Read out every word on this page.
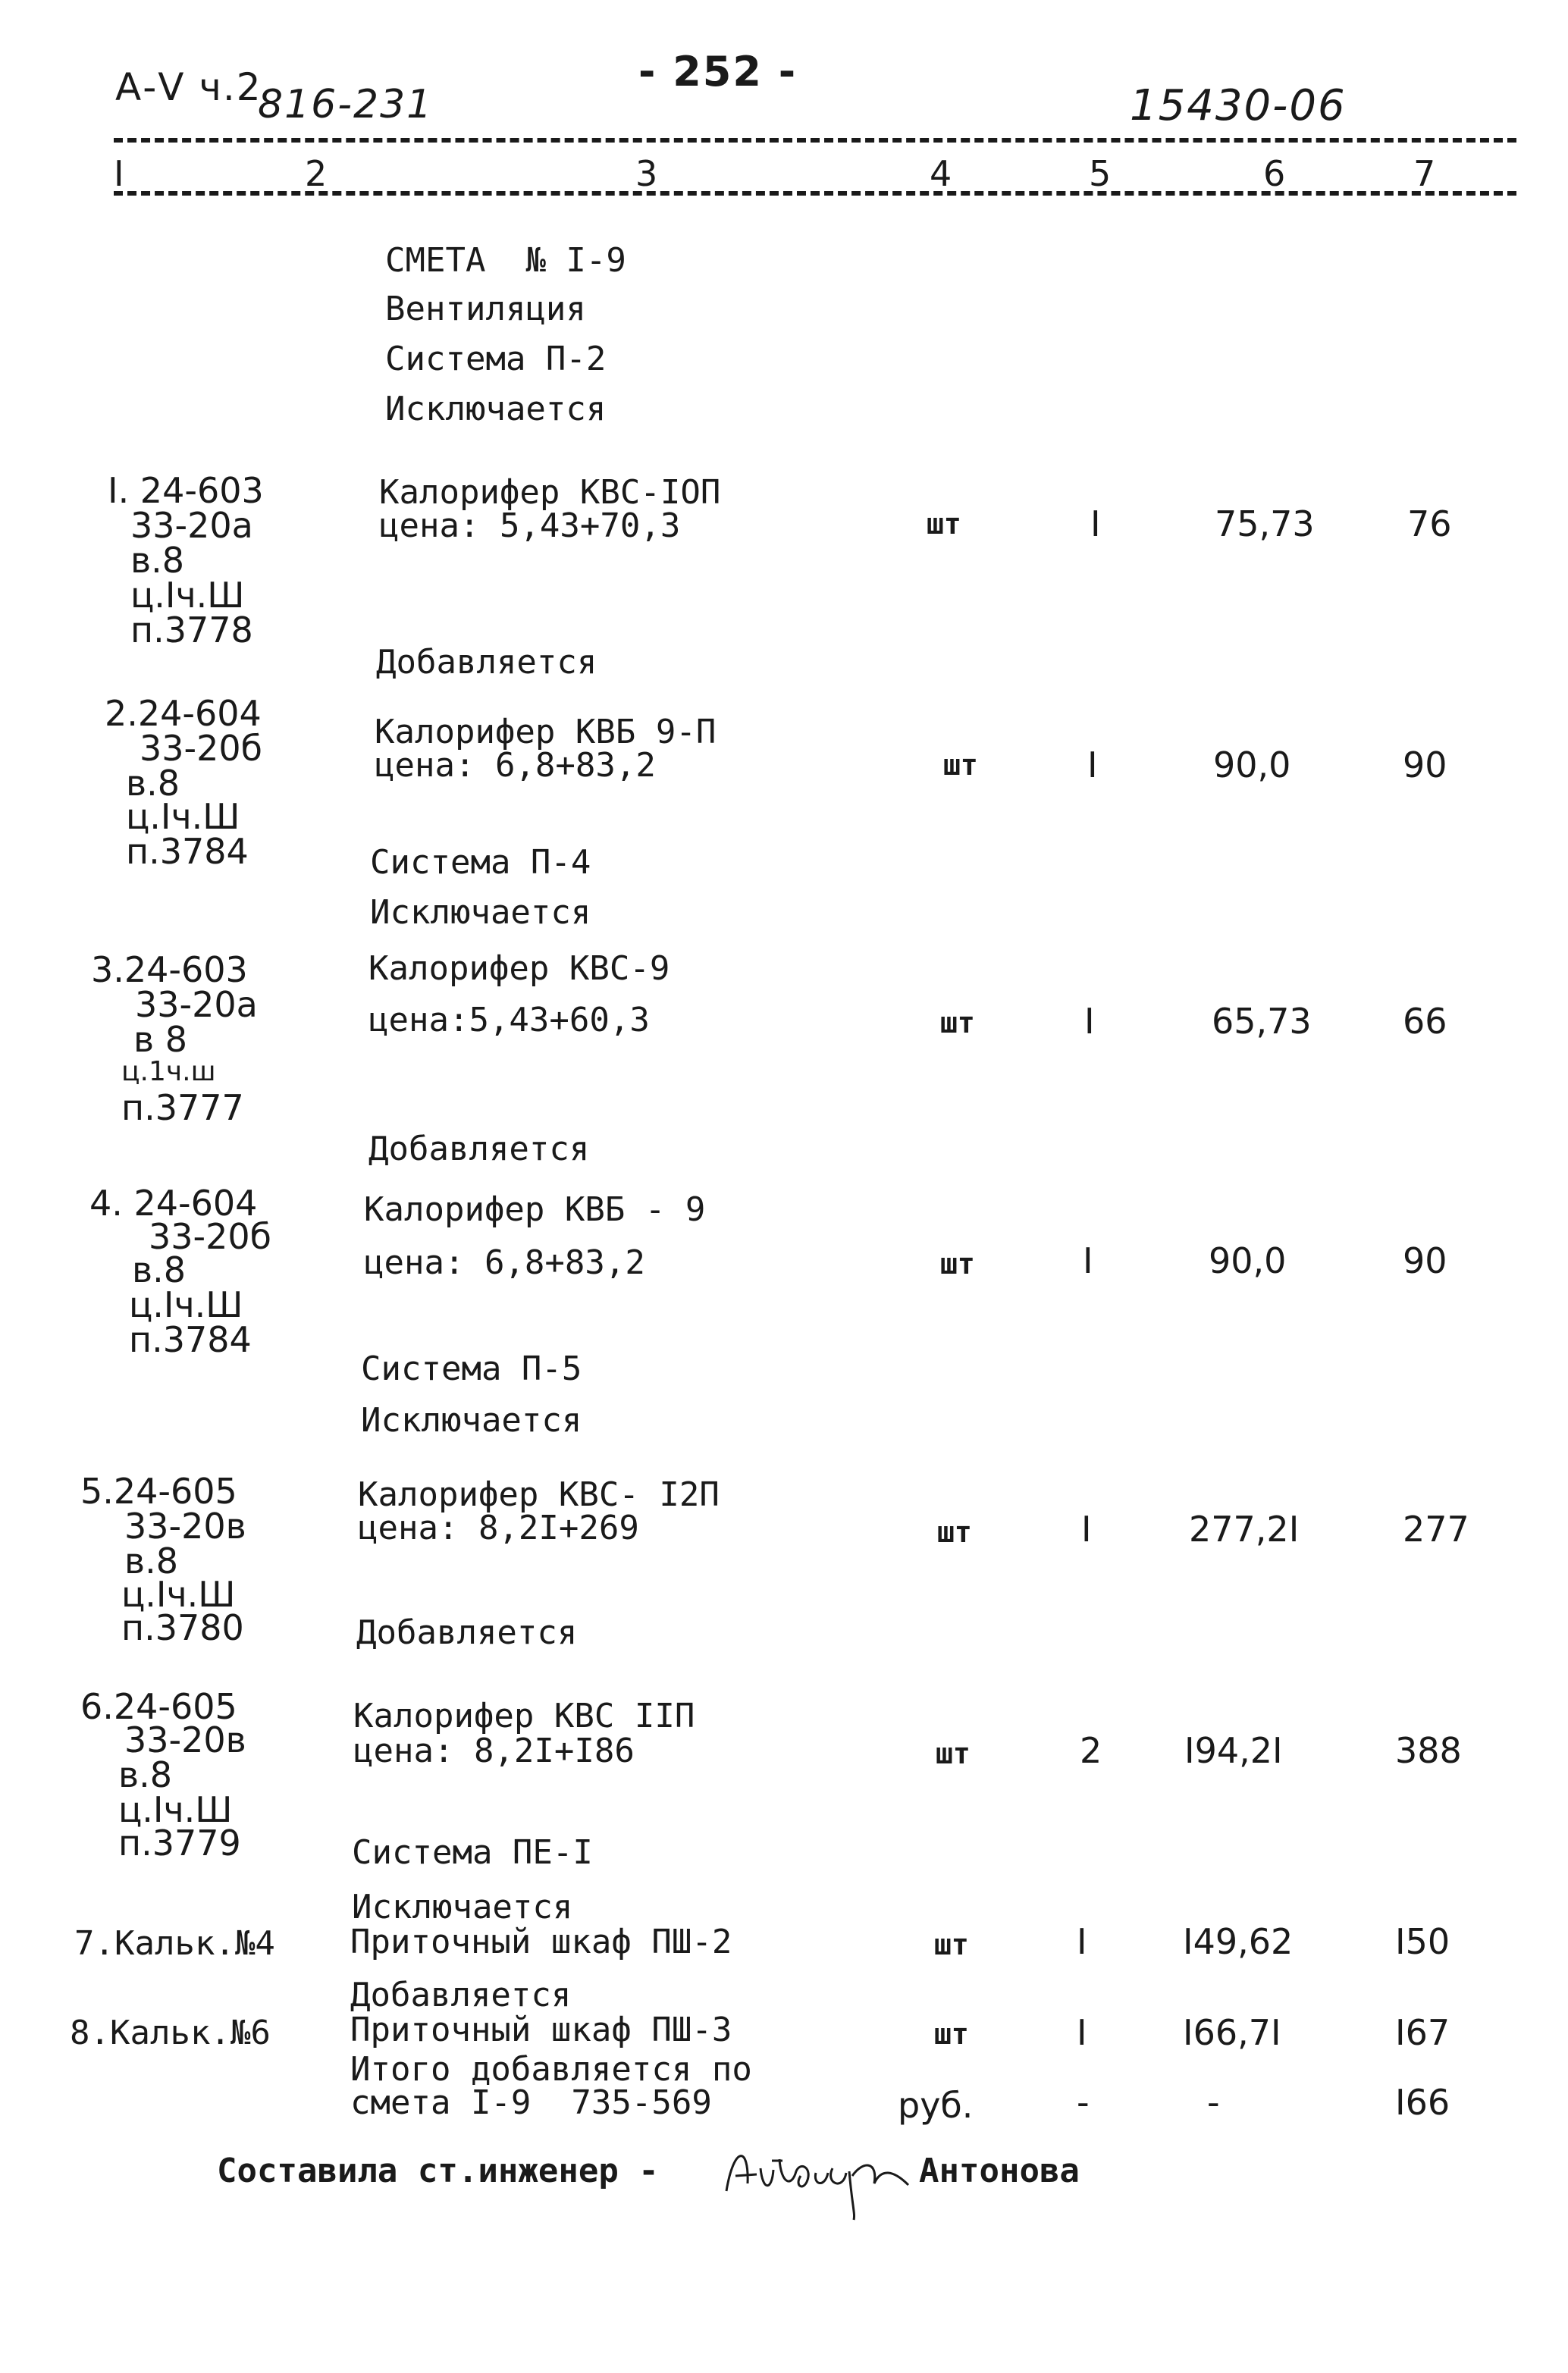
А-V ч.2
816-231
- 252 -
15430-06
I	2	3	4	5	6	7
СМЕТА  № I-9
Вентиляция
Система П-2
Исключается
I. 24-603
33-20а
в.8
ц.Iч.Ш
п.3778
Калорифер КВС-IОП
цена: 5,43+70,3	шт	I	75,73	76
Добавляется
2.24-604
33-20б
в.8
ц.Iч.Ш
п.3784
Калорифер КВБ 9-П
цена: 6,8+83,2	шт	I	90,0	90
Система П-4
Исключается
3.24-603
33-20а
в 8
ц.1ч.ш
п.3777
Калорифер КВС-9
цена:5,43+60,3	шт	I	65,73	66
Добавляется
4. 24-604
33-20б
в.8
ц.Iч.Ш
п.3784
Калорифер КВБ - 9
цена: 6,8+83,2	шт	I	90,0	90
Система П-5
Исключается
5.24-605
33-20в
в.8
ц.Iч.Ш
п.3780
Калорифер КВС- I2П
цена: 8,2I+269	шт	I	277,2I	277
Добавляется
6.24-605
33-20в
в.8
ц.Iч.Ш
п.3779
Калорифер КВС IIП
цена: 8,2I+I86	шт	2 I94,2I	388
Система ПЕ-I
Исключается
7.Кальк.№4 Приточный шкаф ПШ-2	шт	I	I49,62	I50
Добавляется
8.Кальк.№6 Приточный шкаф ПШ-3	шт	I	I66,7I	I67
Итого добавляется по
смета I-9  735-569	руб.	-	-	I66
Составила ст.инженер -	Антонова
